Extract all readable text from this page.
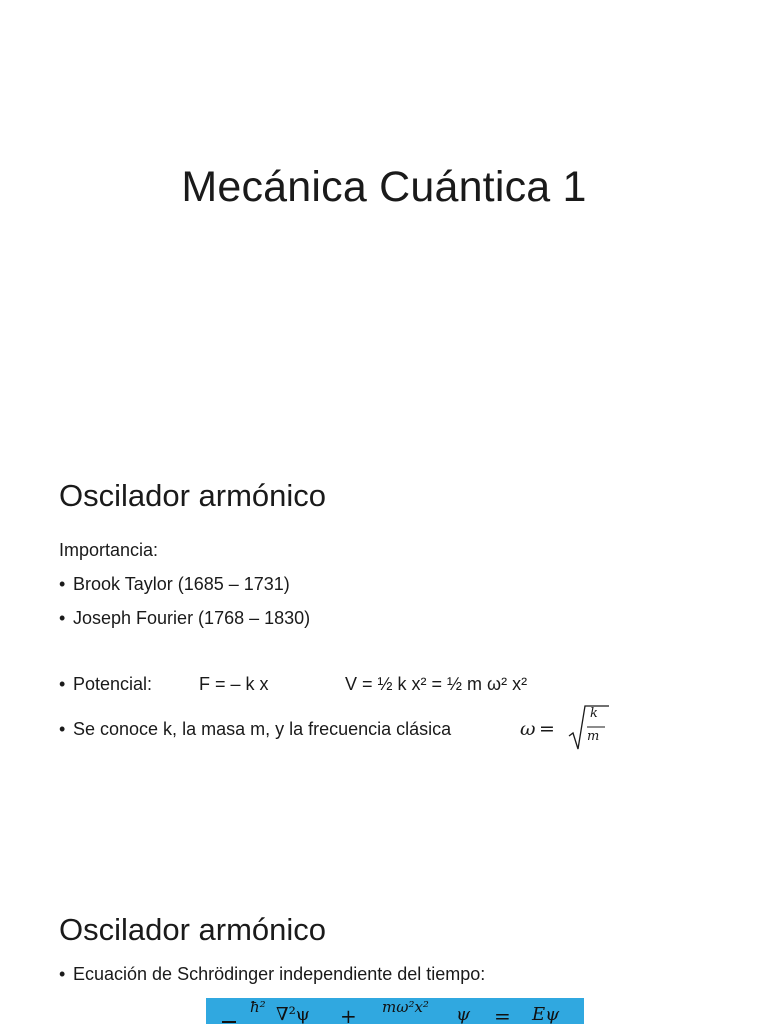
Mecánica Cuántica 1
Oscilador armónico
Importancia:
• Brook Taylor (1685 – 1731)
• Joseph Fourier (1768 – 1830)
• Potencial:	F = – k x	V = ½ k x² = ½ m ω² x²
• Se conoce k, la masa m, y la frecuencia clásica	ω =
k
m
Oscilador armónico
• Ecuación de Schrödinger independiente del tiempo:
ħ² ∇²ψ + mω²x² ψ = Eψ
